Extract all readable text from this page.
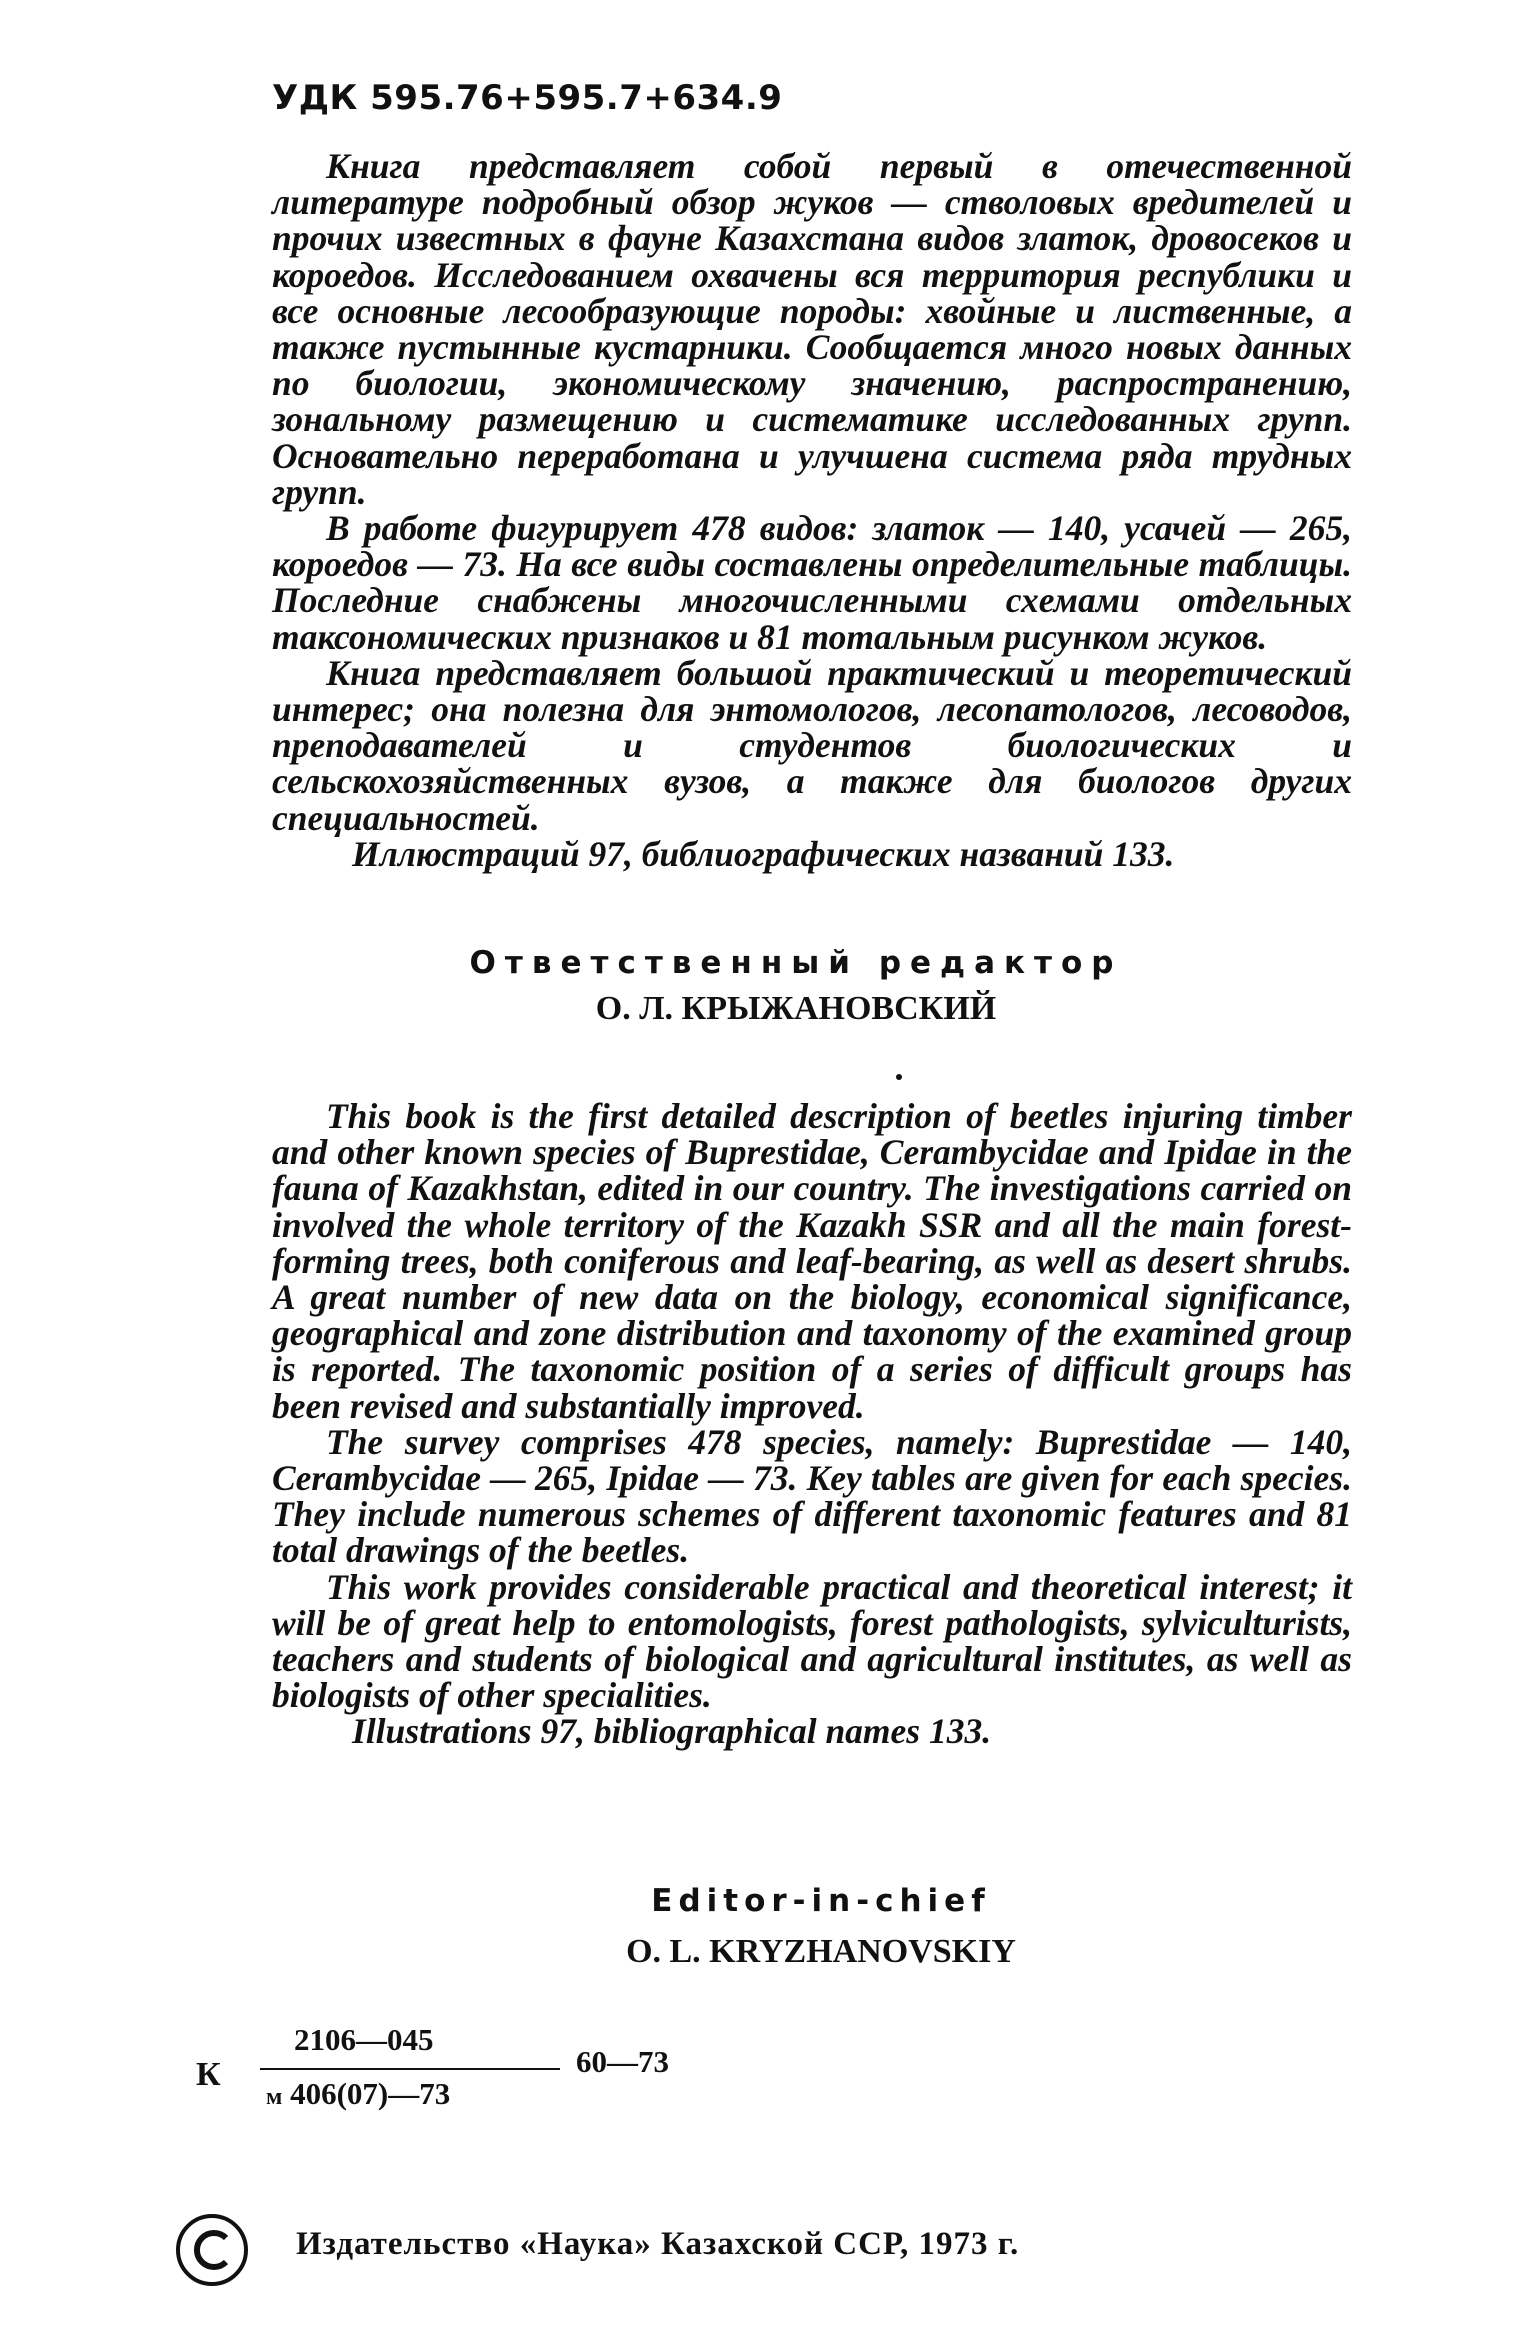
УДК 595.76+595.7+634.9

Книга представляет собой первый в отечественной литературе подробный обзор жуков — стволовых вредителей и прочих известных в фауне Казахстана видов златок, дровосеков и короедов. Исследованием охвачены вся территория республики и все основные лесообразующие породы: хвойные и лиственные, а также пустынные кустарники. Сообщается много новых данных по биологии, экономическому значению, распространению, зональному размещению и систематике исследованных групп. Основательно переработана и улучшена система ряда трудных групп.

В работе фигурирует 478 видов: златок — 140, усачей — 265, короедов — 73. На все виды составлены определительные таблицы. Последние снабжены многочисленными схемами отдельных таксономических признаков и 81 тотальным рисунком жуков.

Книга представляет большой практический и теоретический интерес; она полезна для энтомологов, лесопатологов, лесоводов, преподавателей и студентов биологических и сельскохозяйственных вузов, а также для биологов других специальностей.

Иллюстраций 97, библиографических названий 133.

Ответственный редактор
О. Л. КРЫЖАНОВСКИЙ

This book is the first detailed description of beetles injuring timber and other known species of Buprestidae, Cerambycidae and Ipidae in the fauna of Kazakhstan, edited in our country. The investigations carried on involved the whole territory of the Kazakh SSR and all the main forest-forming trees, both coniferous and leaf-bearing, as well as desert shrubs. A great number of new data on the biology, economical significance, geographical and zone distribution and taxonomy of the examined group is reported. The taxonomic position of a series of difficult groups has been revised and substantially improved.

The survey comprises 478 species, namely: Buprestidae — 140, Cerambycidae — 265, Ipidae — 73. Key tables are given for each species. They include numerous schemes of different taxonomic features and 81 total drawings of the beetles.

This work provides considerable practical and theoretical interest; it will be of great help to entomologists, forest pathologists, sylviculturists, teachers and students of biological and agricultural institutes, as well as biologists of other specialities.

Illustrations 97, bibliographical names 133.

Editor-in-chief
O. L. KRYZHANOVSKIY
К
2106—045
м 406(07)—73
60—73
Издательство «Наука» Казахской ССР, 1973 г.
